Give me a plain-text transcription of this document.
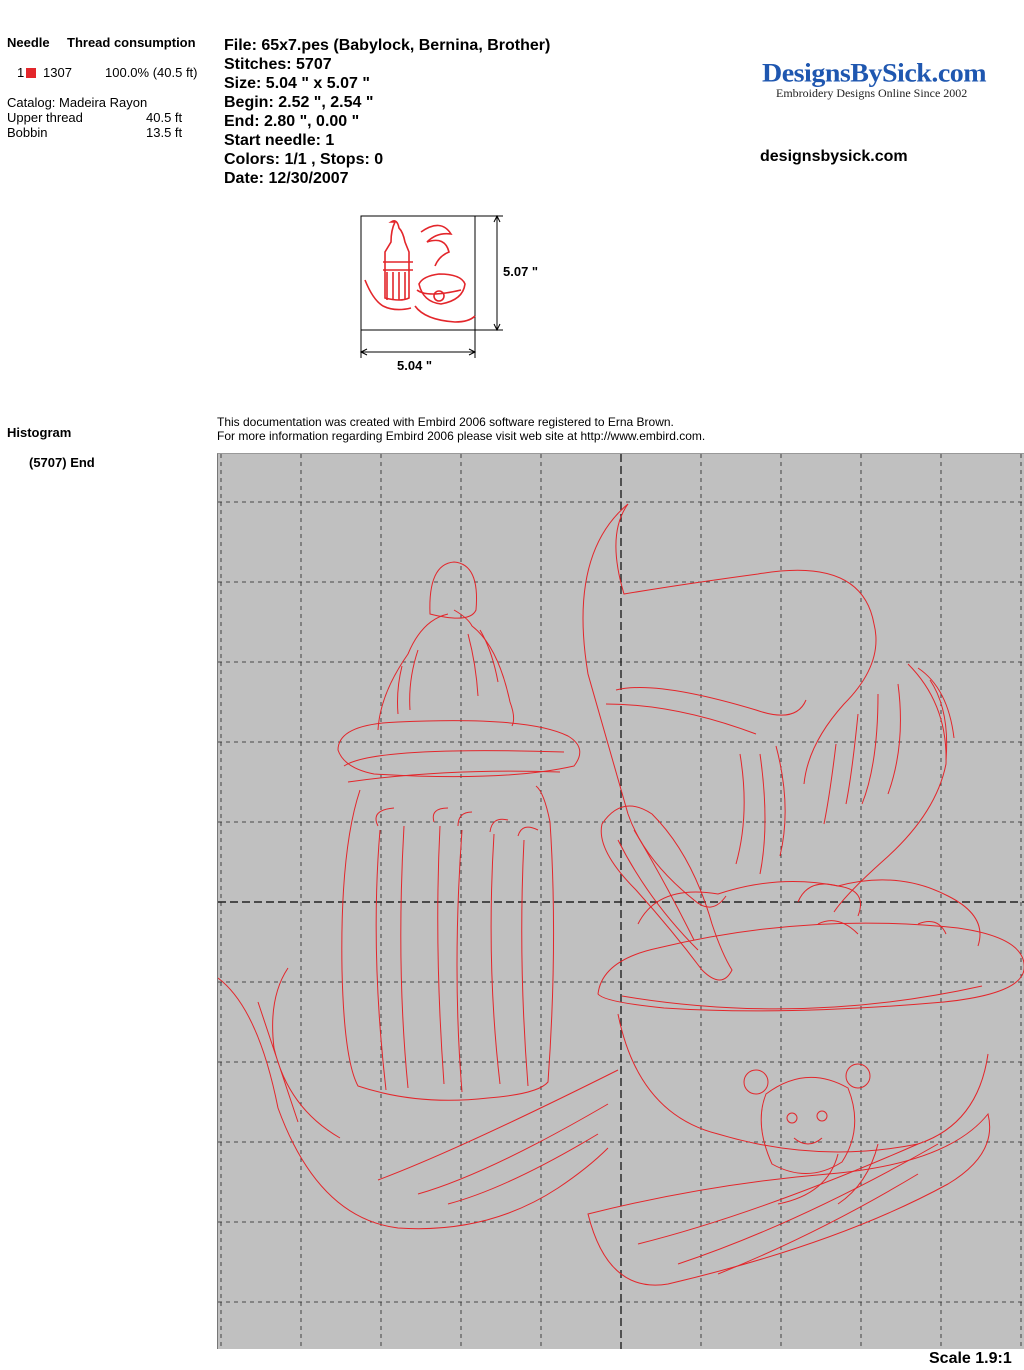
Needle Thread consumption
1	1307	100.0% (40.5 ft)
Catalog: Madeira Rayon
Upper thread	40.5 ft
Bobbin	13.5 ft
File: 65x7.pes (Babylock, Bernina, Brother)
Stitches: 5707
Size: 5.04 " x 5.07 "
Begin: 2.52 ", 2.54 "
End: 2.80 ", 0.00 "
Start needle: 1
Colors: 1/1 , Stops: 0
Date: 12/30/2007
DesignsBySick.com
Embroidery Designs Online Since 2002
designsbysick.com
5.07 "
5.04 "
Histogram
(5707) End
This documentation was created with Embird 2006 software registered to Erna Brown.
For more information regarding Embird 2006 please visit web site at http://www.embird.com.
Scale 1.9:1
